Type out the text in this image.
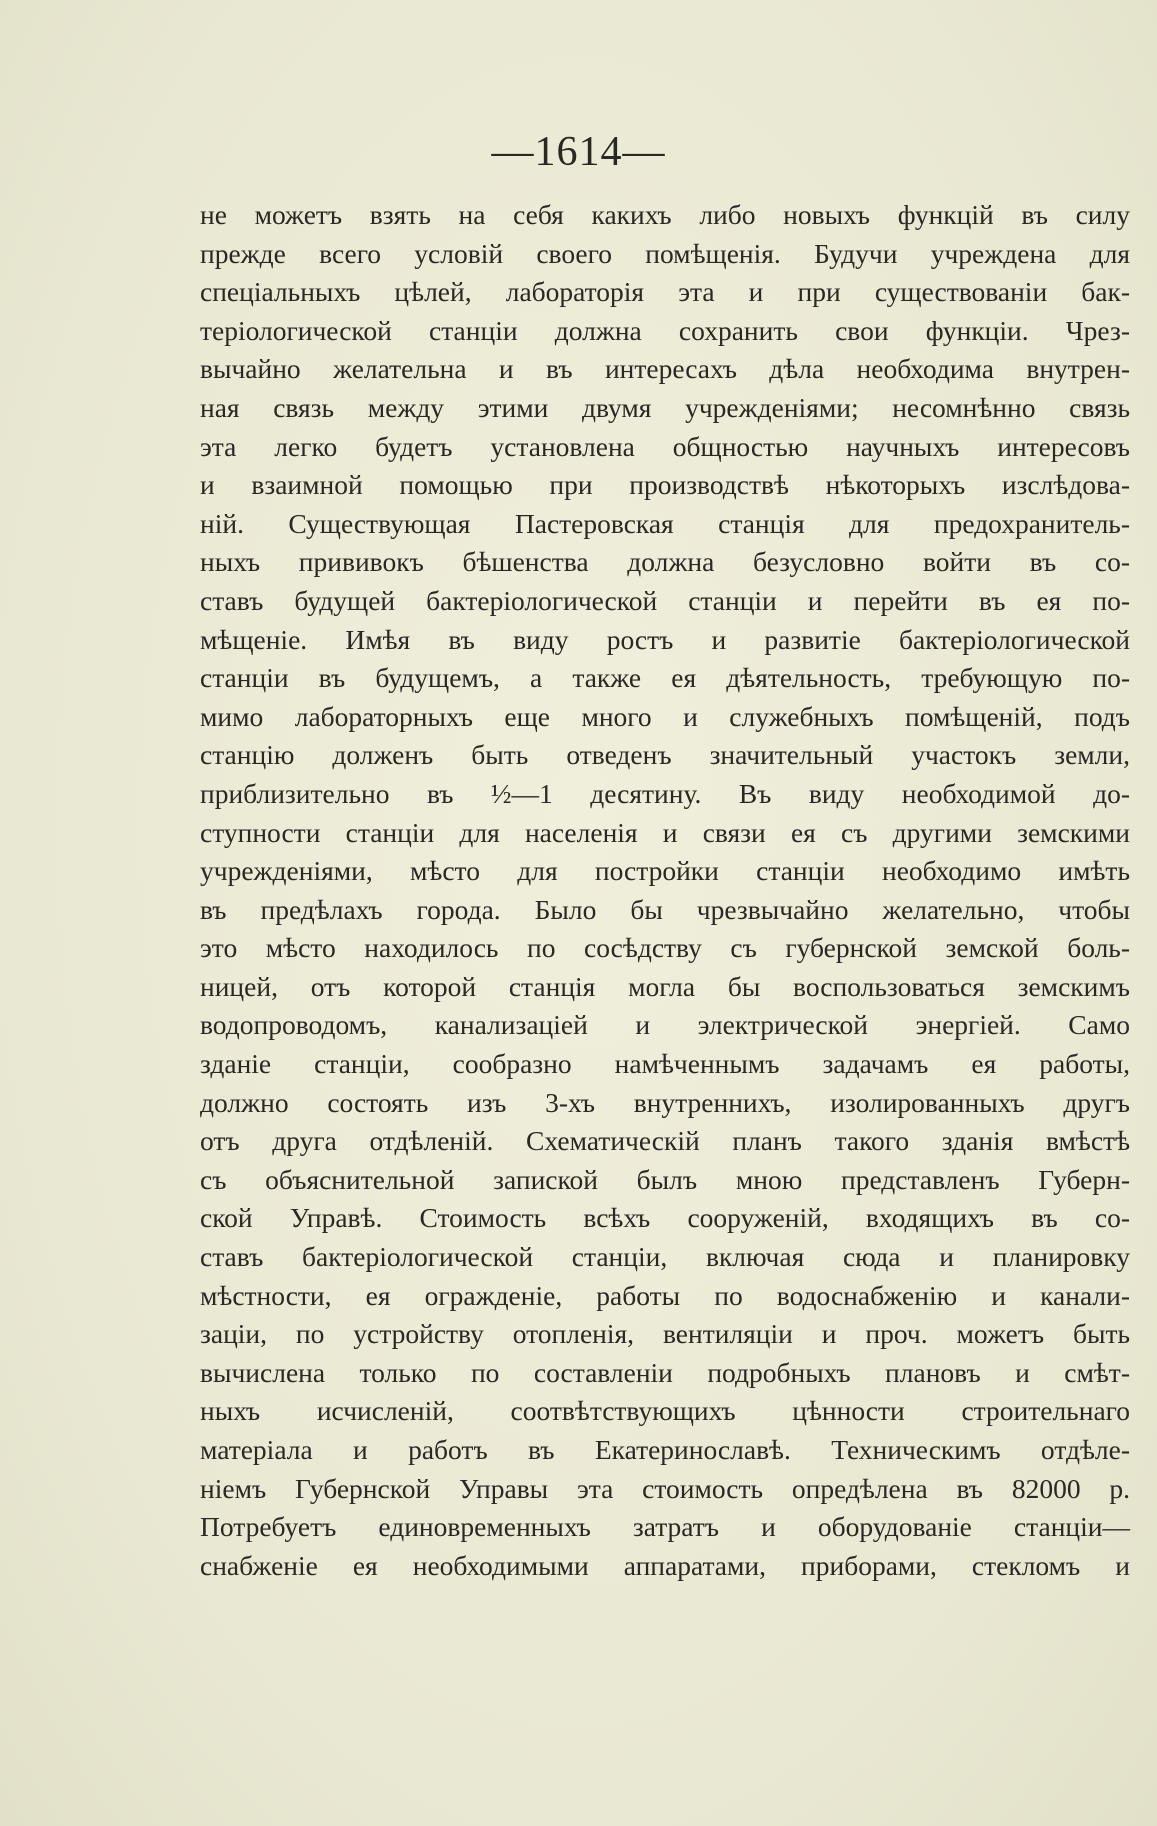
—1614—
не можетъ взять на себя какихъ либо новыхъ функцій въ силу
прежде всего условій своего помѣщенія. Будучи учреждена для
спеціальныхъ цѣлей, лабораторія эта и при существованіи бак-
теріологической станціи должна сохранить свои функціи. Чрез-
вычайно желательна и въ интересахъ дѣла необходима внутрен-
ная связь между этими двумя учрежденіями; несомнѣнно связь
эта легко будетъ установлена общностью научныхъ интересовъ
и взаимной помощью при производствѣ нѣкоторыхъ изслѣдова-
ній. Существующая Пастеровская станція для предохранитель-
ныхъ прививокъ бѣшенства должна безусловно войти въ со-
ставъ будущей бактеріологической станціи и перейти въ ея по-
мѣщеніе. Имѣя въ виду ростъ и развитіе бактеріологической
станціи въ будущемъ, а также ея дѣятельность, требующую по-
мимо лабораторныхъ еще много и служебныхъ помѣщеній, подъ
станцію долженъ быть отведенъ значительный участокъ земли,
приблизительно въ ½—1 десятину. Въ виду необходимой до-
ступности станціи для населенія и связи ея съ другими земскими
учрежденіями, мѣсто для постройки станціи необходимо имѣть
въ предѣлахъ города. Было бы чрезвычайно желательно, чтобы
это мѣсто находилось по сосѣдству съ губернской земской боль-
ницей, отъ которой станція могла бы воспользоваться земскимъ
водопроводомъ, канализаціей и электрической энергіей. Само
зданіе станціи, сообразно намѣченнымъ задачамъ ея работы,
должно состоять изъ 3-хъ внутреннихъ, изолированныхъ другъ
отъ друга отдѣленій. Схематическій планъ такого зданія вмѣстѣ
съ объяснительной запиской былъ мною представленъ Губерн-
ской Управѣ. Стоимость всѣхъ сооруженій, входящихъ въ со-
ставъ бактеріологической станціи, включая сюда и планировку
мѣстности, ея огражденіе, работы по водоснабженію и канали-
заціи, по устройству отопленія, вентиляціи и проч. можетъ быть
вычислена только по составленіи подробныхъ плановъ и смѣт-
ныхъ исчисленій, соотвѣтствующихъ цѣнности строительнаго
матеріала и работъ въ Екатеринославѣ. Техническимъ отдѣле-
ніемъ Губернской Управы эта стоимость опредѣлена въ 82000 р.
Потребуетъ единовременныхъ затратъ и оборудованіе станціи—
снабженіе ея необходимыми аппаратами, приборами, стекломъ и
